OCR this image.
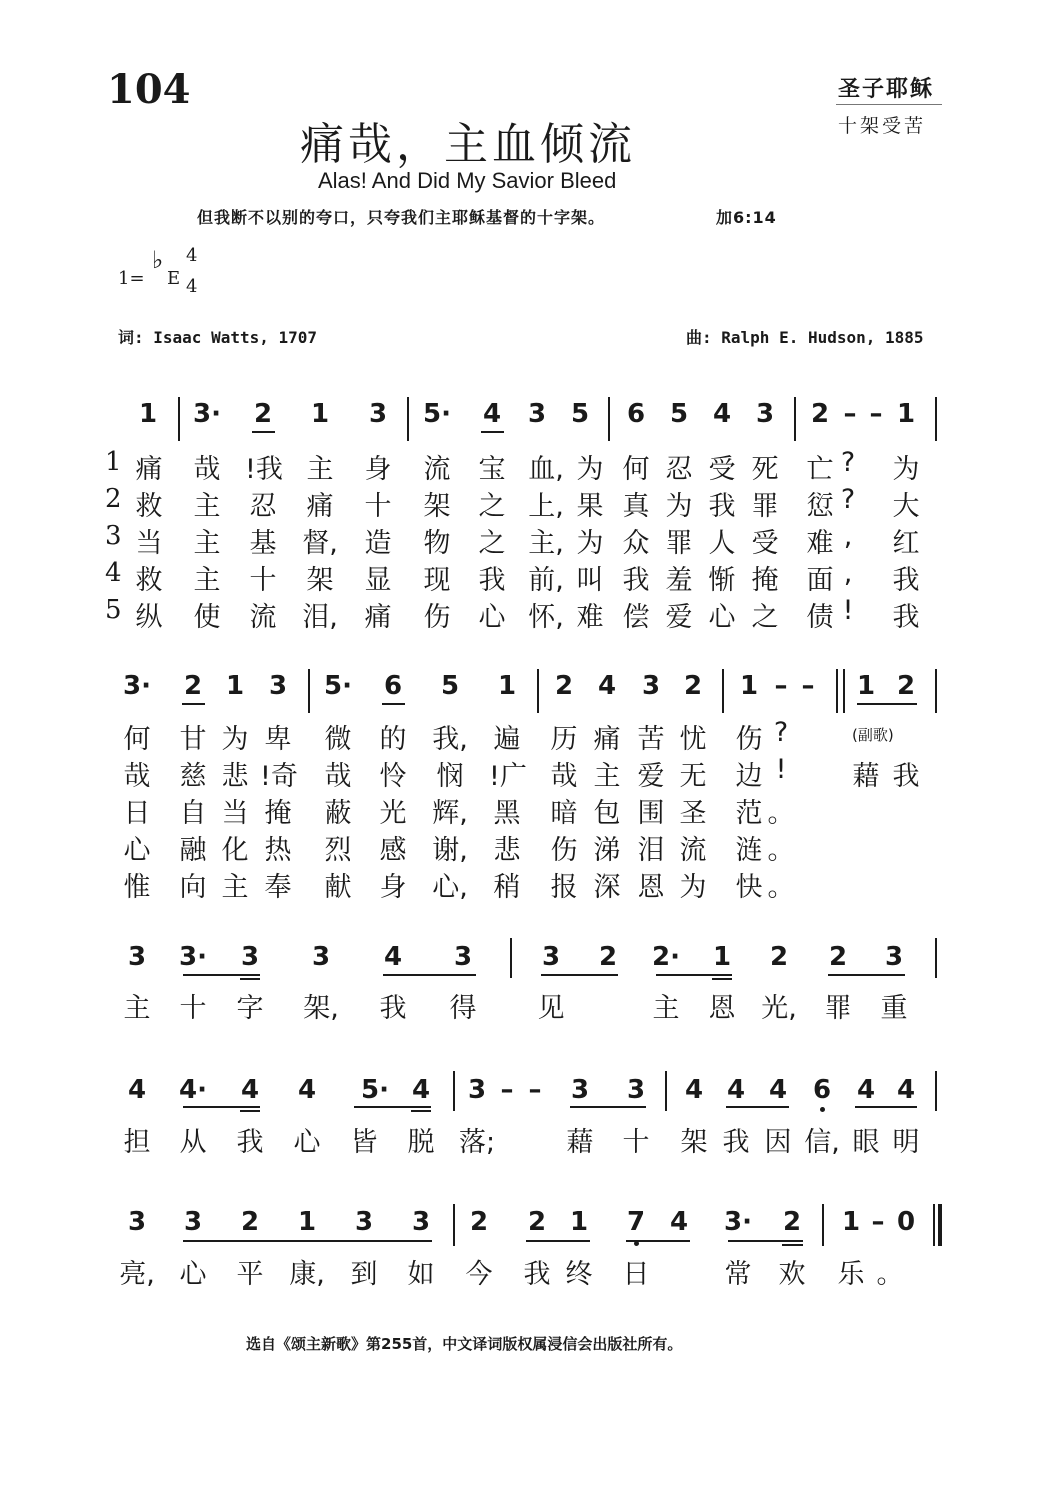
104	圣子耶稣
十架受苦
痛哉，主血倾流
Alas! And Did My Savior Bleed
但我断不以别的夸口，只夸我们主耶稣基督的十字架。	加6:14
1=
♭
E
4
4
词: Isaac Watts, 1707	曲: Ralph E. Hudson, 1885
1	3·	2	1	3	5·	4	3 5	6 5 4 3	2 – – 1
1
2
3
4
5
痛 哉 !我 主 身 流 宝 血, 为 何 忍 受 死 亡 ?	为
救 主 忍 痛 十 架 之 上, 果 真 为 我 罪 愆 ?	大
当 主 基 督, 造 物 之 主, 为 众 罪 人 受 难 ,	红
救 主 十 架 显 现 我 前, 叫 我 羞 惭 掩 面 ,	我
纵 使 流 泪, 痛 伤 心 怀, 难 偿 爱 心 之 债 !	我
3·	2 1 3	5·	6	5	1	2 4 3 2	1 – –	1 2
何 甘 为 卑 微 的 我, 遍 历 痛 苦 忧 伤 ?
哉 慈 悲 !奇 哉 怜 悯 !广 哉 主 爱 无 边 !	藉 我
日 自 当 掩 蔽 光 辉, 黑 暗 包 围 圣 范 。
心 融 化 热 烈 感 谢, 悲 伤 涕 泪 流 涟 。
惟 向 主 奉 献 身 心, 稍 报 深 恩 为 快 。
(副歌)
3	3·	3	3	4	3	3	2	2·	1	2	2	3
主 十 字 架, 我 得 见	主 恩 光, 罪 重
4	4·	4	4	5· 4	3 – –	3	3	4 4 4 6 4 4
担 从 我 心 皆 脱 落;	藉 十 架 我 因 信, 眼 明
3	3	2	1	3	3	2	2 1	7 4	3·	2	1 – 0
亮, 心 平 康, 到 如 今 我 终 日	常 欢 乐 。
选自《颂主新歌》第255首，中文译词版权属浸信会出版社所有。
